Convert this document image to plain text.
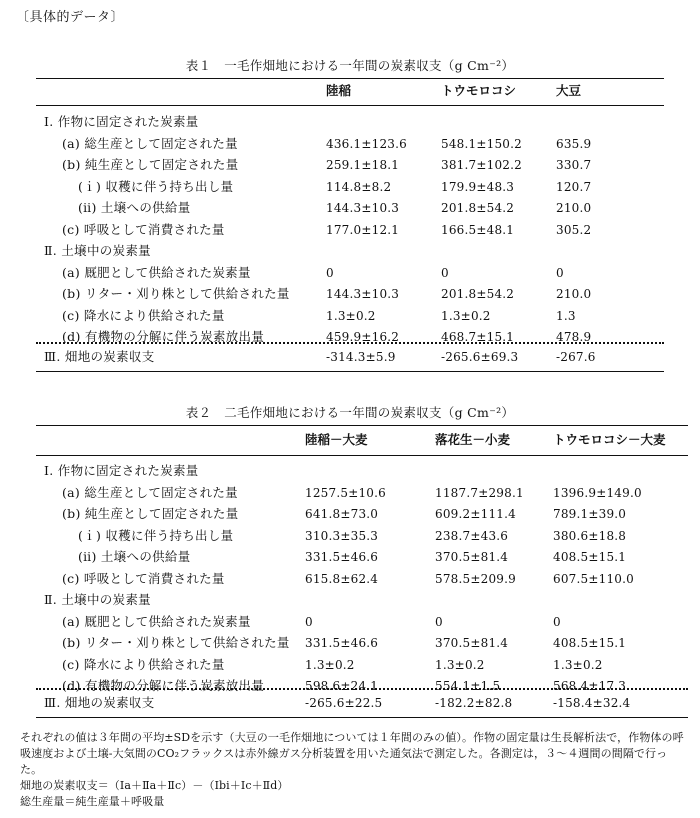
〔具体的データ〕
表１　一毛作畑地における一年間の炭素収支（g Cm⁻²）
陸稲	トウモロコシ	大豆
Ⅰ. 作物に固定された炭素量
(a) 総生産として固定された量	436.1±123.6	548.1±150.2	635.9
(b) 純生産として固定された量	259.1±18.1	381.7±102.2	330.7
(ｉ) 収穫に伴う持ち出し量	114.8±8.2	179.9±48.3	120.7
(ⅱ) 土壌への供給量	144.3±10.3	201.8±54.2	210.0
(c) 呼吸として消費された量	177.0±12.1	166.5±48.1	305.2
Ⅱ. 土壌中の炭素量
(a) 厩肥として供給された炭素量	0	0	0
(b) リター・刈り株として供給された量	144.3±10.3	201.8±54.2	210.0
(c) 降水により供給された量	1.3±0.2	1.3±0.2	1.3
(d) 有機物の分解に伴う炭素放出量	459.9±16.2	468.7±15.1	478.9
Ⅲ. 畑地の炭素収支	-314.3±5.9	-265.6±69.3	-267.6
表２　二毛作畑地における一年間の炭素収支（g Cm⁻²）
陸稲－大麦	落花生－小麦	トウモロコシ－大麦
Ⅰ. 作物に固定された炭素量
(a) 総生産として固定された量	1257.5±10.6	1187.7±298.1 1396.9±149.0
(b) 純生産として固定された量	641.8±73.0	609.2±111.4	789.1±39.0
(ｉ) 収穫に伴う持ち出し量	310.3±35.3	238.7±43.6	380.6±18.8
(ⅱ) 土壌への供給量	331.5±46.6	370.5±81.4	408.5±15.1
(c) 呼吸として消費された量	615.8±62.4	578.5±209.9	607.5±110.0
Ⅱ. 土壌中の炭素量
(a) 厩肥として供給された炭素量	0	0	0
(b) リター・刈り株として供給された量 331.5±46.6	370.5±81.4	408.5±15.1
(c) 降水により供給された量	1.3±0.2	1.3±0.2	1.3±0.2
(d) 有機物の分解に伴う炭素放出量	598.6±24.1	554.1±1.5	568.4±17.3
Ⅲ. 畑地の炭素収支	-265.6±22.5	-182.2±82.8	-158.4±32.4

それぞれの値は３年間の平均±SDを示す（大豆の一毛作畑地については１年間のみの値）。作物の固定量は生長解析法で，作物体の呼吸速度および土壌-大気間のCO₂フラックスは赤外線ガス分析装置を用いた通気法で測定した。各測定は，３～４週間の間隔で行った。

畑地の炭素収支＝（Ⅰa＋Ⅱa＋Ⅱc）－（Ⅰbi＋Ⅰc＋Ⅱd）

総生産量＝純生産量＋呼吸量
